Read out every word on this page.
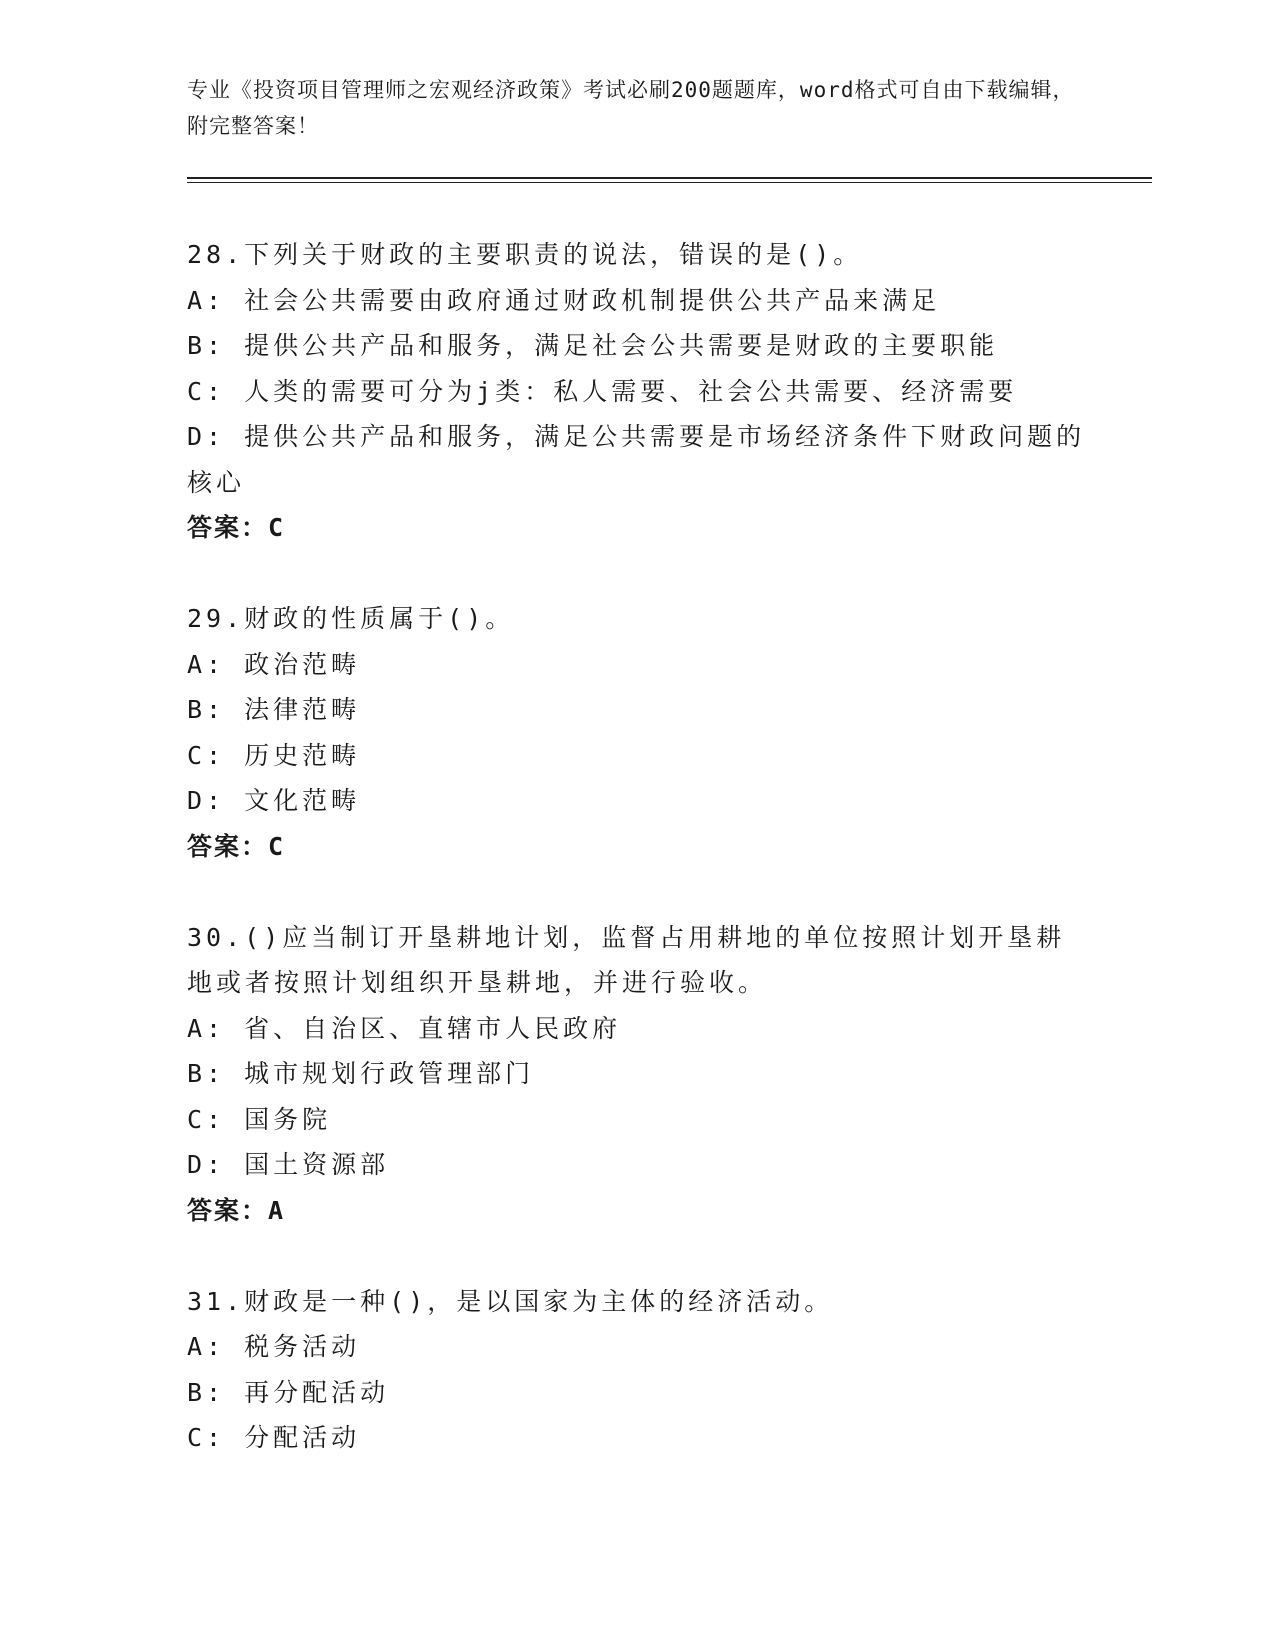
专业《投资项目管理师之宏观经济政策》考试必刷200题题库，word格式可自由下载编辑，附完整答案！
28.下列关于财政的主要职责的说法，错误的是()。
A: 社会公共需要由政府通过财政机制提供公共产品来满足
B: 提供公共产品和服务，满足社会公共需要是财政的主要职能
C: 人类的需要可分为j类：私人需要、社会公共需要、经济需要
D: 提供公共产品和服务，满足公共需要是市场经济条件下财政问题的核心
答案：C
29.财政的性质属于()。
A: 政治范畴
B: 法律范畴
C: 历史范畴
D: 文化范畴
答案：C
30.()应当制订开垦耕地计划，监督占用耕地的单位按照计划开垦耕地或者按照计划组织开垦耕地，并进行验收。
A: 省、自治区、直辖市人民政府
B: 城市规划行政管理部门
C: 国务院
D: 国土资源部
答案：A
31.财政是一种()，是以国家为主体的经济活动。
A: 税务活动
B: 再分配活动
C: 分配活动
